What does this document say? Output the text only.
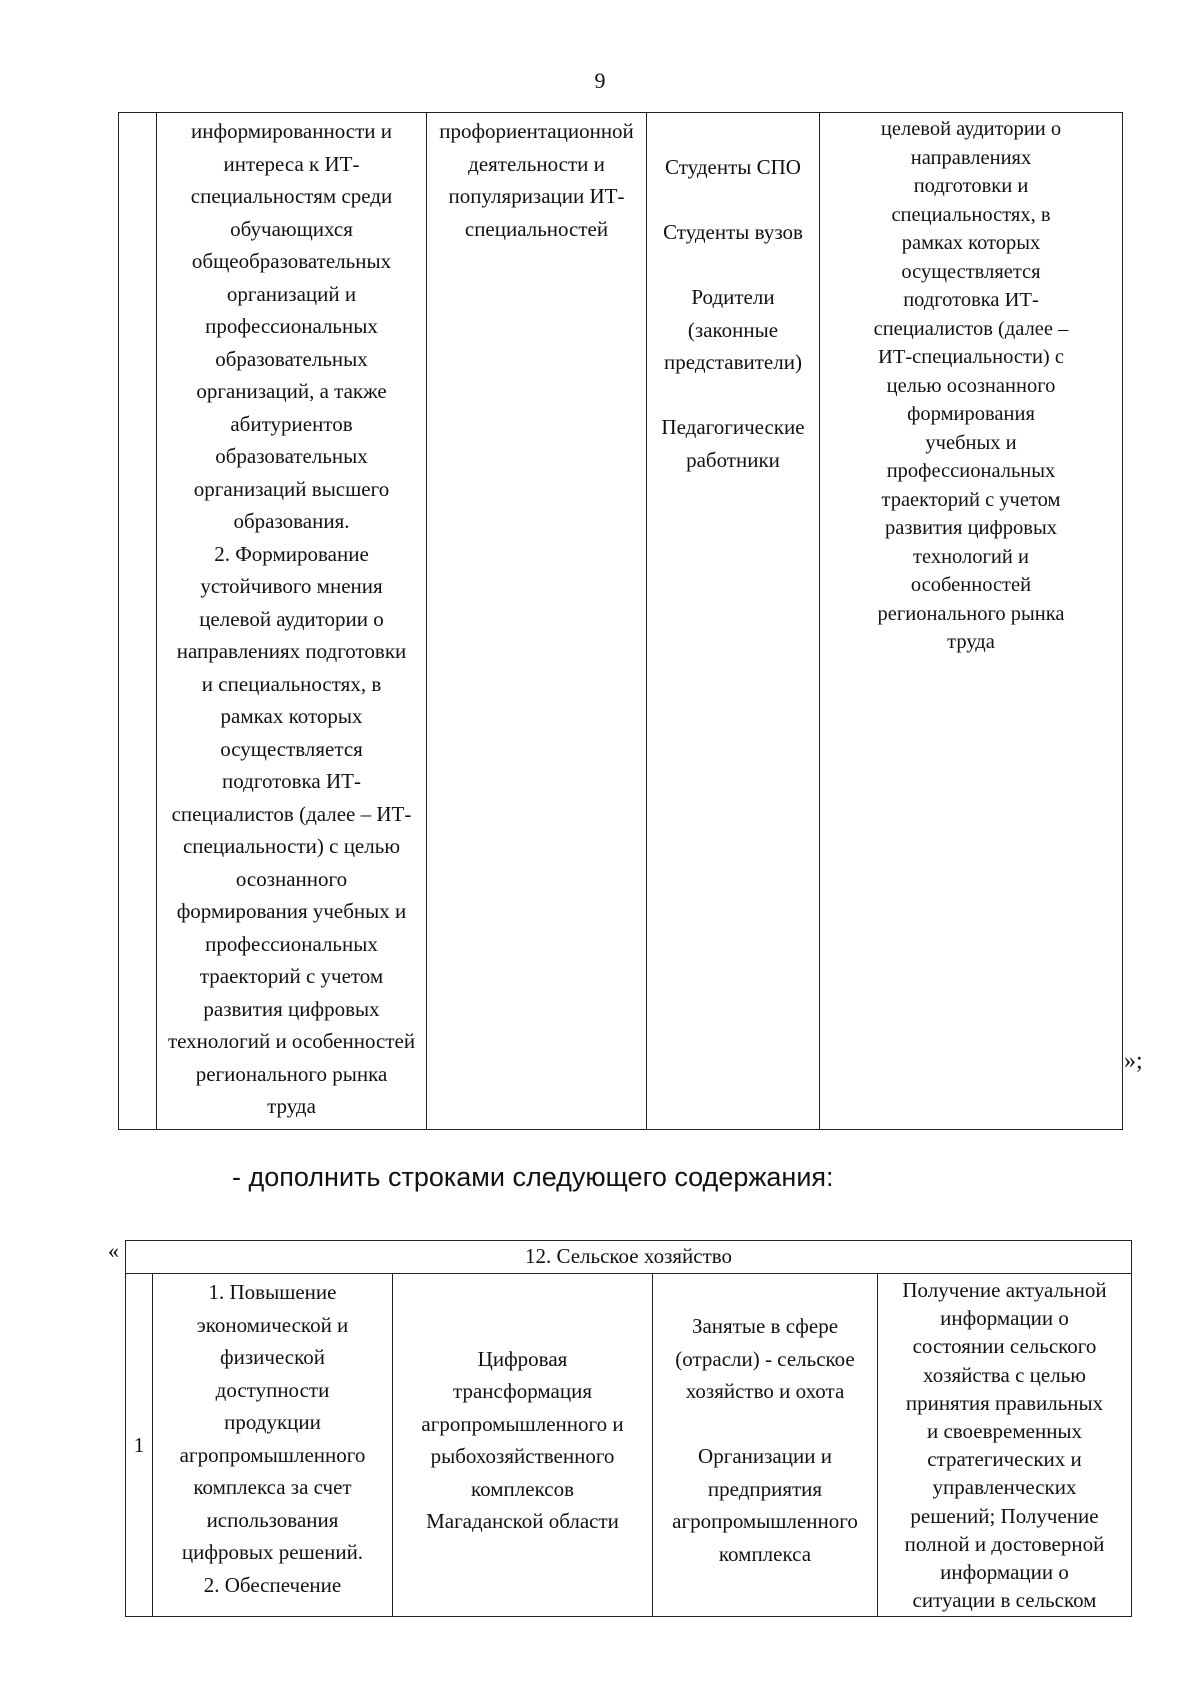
9
	информированности и
интереса к ИТ-
специальностям среди
обучающихся
общеобразовательных
организаций и
профессиональных
образовательных
организаций, а также
абитуриентов
образовательных
организаций высшего
образования.
2. Формирование
устойчивого мнения
целевой аудитории о
направлениях подготовки
и специальностях, в
рамках которых
осуществляется
подготовка ИТ-
специалистов (далее – ИТ-
специальности) с целью
осознанного
формирования учебных и
профессиональных
траекторий с учетом
развития цифровых
технологий и особенностей
регионального рынка
труда	профориентационной
деятельности и
популяризации ИТ-
специальностей	Студенты СПО

Студенты вузов

Родители
(законные
представители)

Педагогические
работники	целевой аудитории о
направлениях
подготовки и
специальностях, в
рамках которых
осуществляется
подготовка ИТ-
специалистов (далее –
ИТ-специальности) с
целью осознанного
формирования
учебных и
профессиональных
траекторий с учетом
развития цифровых
технологий и
особенностей
регионального рынка
труда
»;
- дополнить строками следующего содержания:
«	12. Сельское хозяйство
1	1. Повышение
экономической и
физической
доступности
продукции
агропромышленного
комплекса за счет
использования
цифровых решений.
2. Обеспечение	
Цифровая
трансформация
агропромышленного и
рыбохозяйственного
комплексов
Магаданской области	Занятые в сфере
(отрасли) - сельское
хозяйство и охота

Организации и
предприятия
агропромышленного
комплекса	Получение актуальной
информации о
состоянии сельского
хозяйства с целью
принятия правильных
и своевременных
стратегических и
управленческих
решений; Получение
полной и достоверной
информации о
ситуации в сельском
